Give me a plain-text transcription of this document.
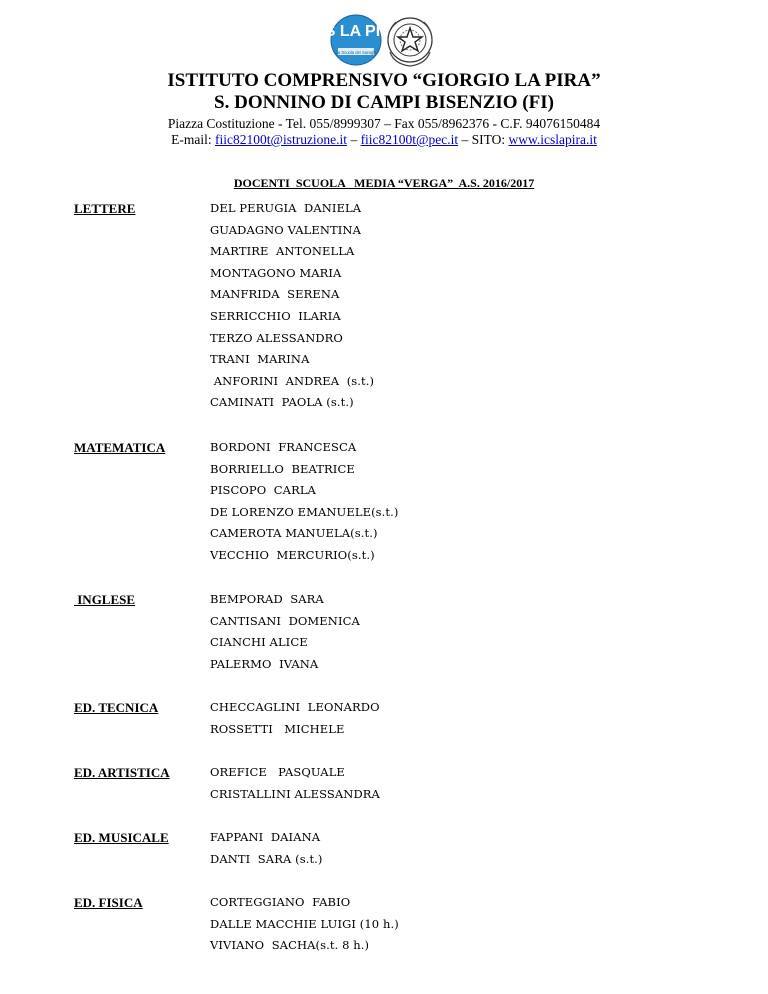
ICS LA PIRA
La Scuola dei Saraghi
ISTITUTO COMPRENSIVO “GIORGIO LA PIRA”
S. DONNINO DI CAMPI BISENZIO (FI)
Piazza Costituzione - Tel. 055/8999307 – Fax 055/8962376 - C.F. 94076150484
E-mail: fiic82100t@istruzione.it – fiic82100t@pec.it – SITO: www.icslapira.it
DOCENTI  SCUOLA   MEDIA “VERGA”  A.S. 2016/2017
LETTERE	DEL PERUGIA  DANIELA
GUADAGNO VALENTINA
MARTIRE  ANTONELLA
MONTAGONO MARIA
MANFRIDA  SERENA
SERRICCHIO  ILARIA
TERZO ALESSANDRO
TRANI  MARINA
ANFORINI  ANDREA  (s.t.)
CAMINATI  PAOLA (s.t.)
MATEMATICA	BORDONI  FRANCESCA
BORRIELLO  BEATRICE
PISCOPO  CARLA
DE LORENZO EMANUELE(s.t.)
CAMEROTA MANUELA(s.t.)
VECCHIO  MERCURIO(s.t.)
INGLESE	BEMPORAD  SARA
CANTISANI  DOMENICA
CIANCHI ALICE
PALERMO  IVANA
ED. TECNICA	CHECCAGLINI  LEONARDO
ROSSETTI   MICHELE
ED. ARTISTICA	OREFICE   PASQUALE
CRISTALLINI ALESSANDRA
ED. MUSICALE	FAPPANI  DAIANA
DANTI  SARA (s.t.)
ED. FISICA	CORTEGGIANO  FABIO
DALLE MACCHIE LUIGI (10 h.)
VIVIANO  SACHA(s.t. 8 h.)
